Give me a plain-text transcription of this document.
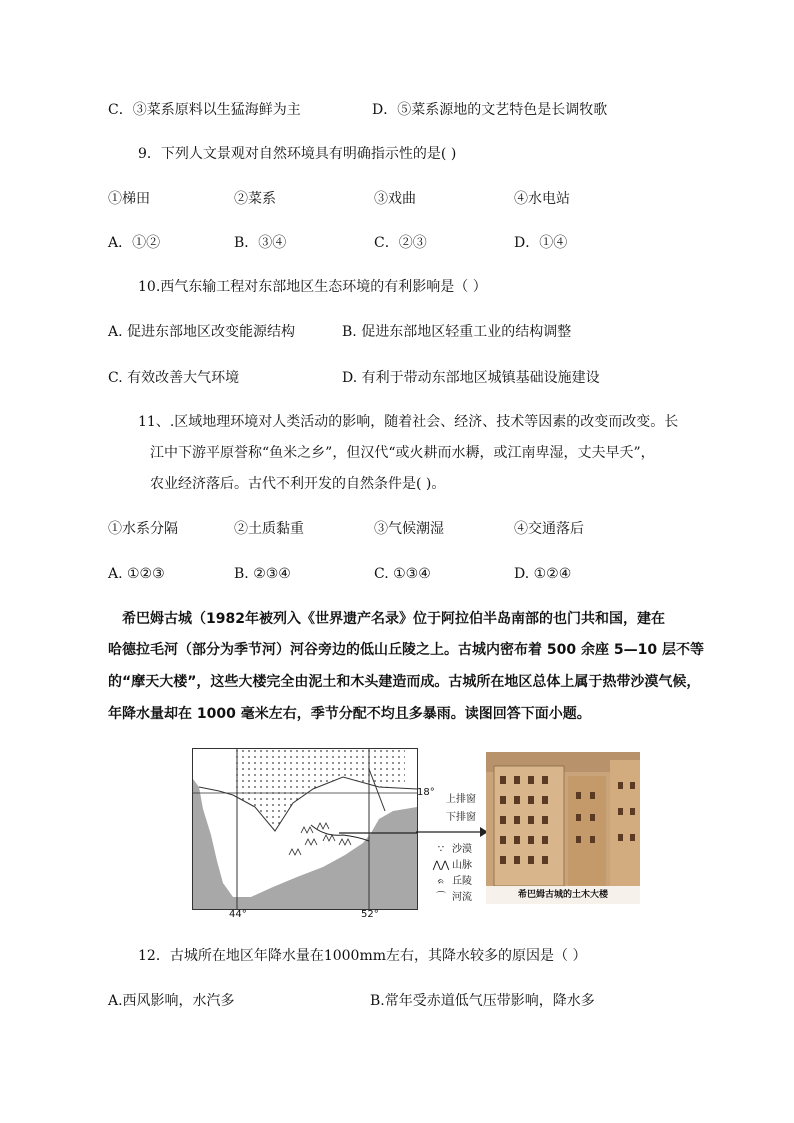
C．③菜系原料以生猛海鲜为主	D．⑤菜系源地的文艺特色是长调牧歌
9．下列人文景观对自然环境具有明确指示性的是( )
①梯田	②菜系	③戏曲	④水电站
A．①②	B．③④	C．②③	D．①④
10.西气东输工程对东部地区生态环境的有利影响是（ ）
A. 促进东部地区改变能源结构	B. 促进东部地区轻重工业的结构调整
C. 有效改善大气环境	D. 有利于带动东部地区城镇基础设施建设
11、.区域地理环境对人类活动的影响，随着社会、经济、技术等因素的改变而改变。长
江中下游平原誉称“鱼米之乡”，但汉代“或火耕而水耨，或江南卑湿，丈夫早夭”，
农业经济落后。古代不利开发的自然条件是( )。
①水系分隔	②土质黏重	③气候潮湿	④交通落后
A. ①②③	B. ②③④	C. ①③④	D. ①②④
希巴姆古城（1982年被列入《世界遗产名录》位于阿拉伯半岛南部的也门共和国，建在
哈德拉毛河（部分为季节河）河谷旁边的低山丘陵之上。古城内密布着 500 余座 5—10 层不等
的“摩天大楼”，这些大楼完全由泥土和木头建造而成。古城所在地区总体上属于热带沙漠气候，
年降水量却在 1000 毫米左右，季节分配不均且多暴雨。读图回答下面小题。
12．古城所在地区年降水量在1000mm左右，其降水较多的原因是（ ）
A.西风影响，水汽多	B.常年受赤道低气压带影响，降水多
18°
44°	52°
∵ 沙漠
⋀⋀ 山脉
ᨑ 丘陵
⌒ 河流
上排窗
下排窗
希巴姆古城的土木大楼
